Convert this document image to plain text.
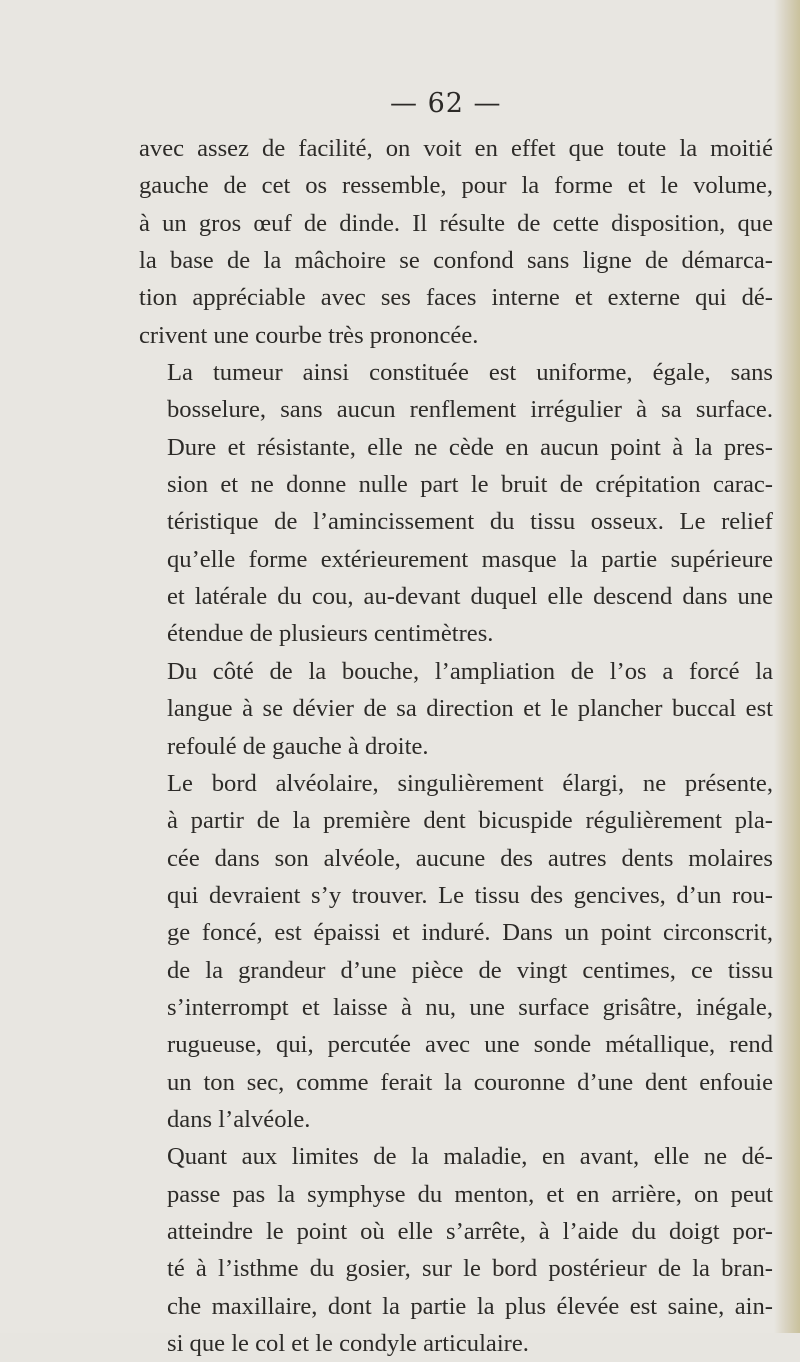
— 62 —

avec assez de facilité, on voit en effet que toute la moitié
gauche de cet os ressemble, pour la forme et le volume,
à un gros œuf de dinde. Il résulte de cette disposition, que
la base de la mâchoire se confond sans ligne de démarca-
tion appréciable avec ses faces interne et externe qui dé-
crivent une courbe très prononcée.

La tumeur ainsi constituée est uniforme, égale, sans
bosselure, sans aucun renflement irrégulier à sa surface.
Dure et résistante, elle ne cède en aucun point à la pres-
sion et ne donne nulle part le bruit de crépitation carac-
téristique de l’amincissement du tissu osseux. Le relief
qu’elle forme extérieurement masque la partie supérieure
et latérale du cou, au-devant duquel elle descend dans une
étendue de plusieurs centimètres.

Du côté de la bouche, l’ampliation de l’os a forcé la
langue à se dévier de sa direction et le plancher buccal est
refoulé de gauche à droite.

Le bord alvéolaire, singulièrement élargi, ne présente,
à partir de la première dent bicuspide régulièrement pla-
cée dans son alvéole, aucune des autres dents molaires
qui devraient s’y trouver. Le tissu des gencives, d’un rou-
ge foncé, est épaissi et induré. Dans un point circonscrit,
de la grandeur d’une pièce de vingt centimes, ce tissu
s’interrompt et laisse à nu, une surface grisâtre, inégale,
rugueuse, qui, percutée avec une sonde métallique, rend
un ton sec, comme ferait la couronne d’une dent enfouie
dans l’alvéole.

Quant aux limites de la maladie, en avant, elle ne dé-
passe pas la symphyse du menton, et en arrière, on peut
atteindre le point où elle s’arrête, à l’aide du doigt por-
té à l’isthme du gosier, sur le bord postérieur de la bran-
che maxillaire, dont la partie la plus élevée est saine, ain-
si que le col et le condyle articulaire.
